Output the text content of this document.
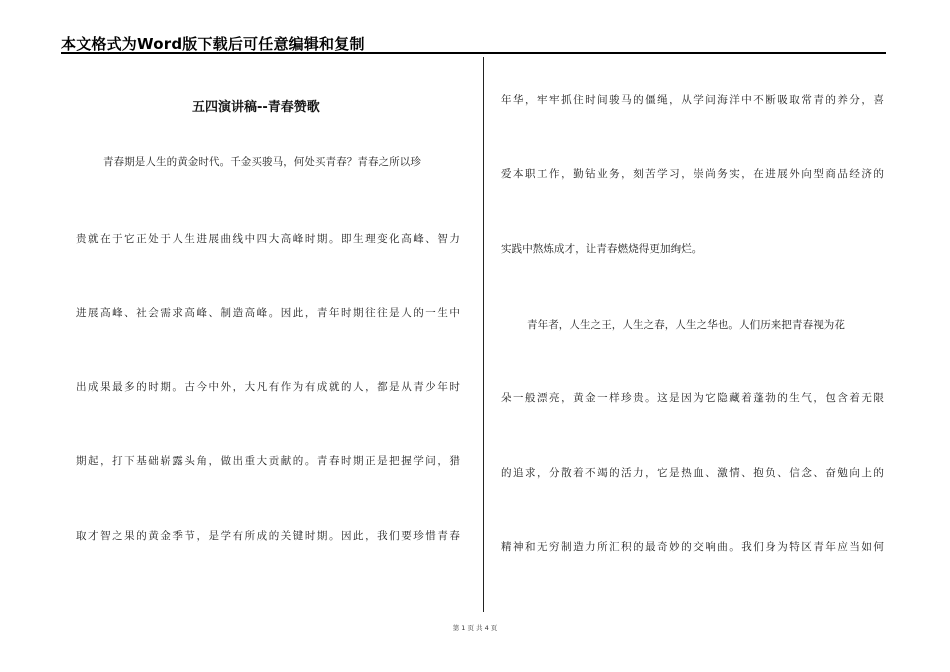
本文格式为Word版下载后可任意编辑和复制
五四演讲稿--青春赞歌
青春期是人生的黄金时代。千金买骏马，何处买青春？青春之所以珍
贵就在于它正处于人生进展曲线中四大高峰时期。即生理变化高峰、智力
进展高峰、社会需求高峰、制造高峰。因此，青年时期往往是人的一生中
出成果最多的时期。古今中外，大凡有作为有成就的人，都是从青少年时
期起，打下基础崭露头角，做出重大贡献的。青春时期正是把握学问，猎
取才智之果的黄金季节，是学有所成的关键时期。因此，我们要珍惜青春
年华，牢牢抓住时间骏马的僵绳，从学问海洋中不断吸取常青的养分，喜
爱本职工作，勤钻业务，刻苦学习，崇尚务实，在进展外向型商品经济的
实践中熬炼成才，让青春燃烧得更加绚烂。
青年者，人生之王，人生之春，人生之华也。人们历来把青春视为花
朵一般漂亮，黄金一样珍贵。这是因为它隐藏着蓬勃的生气，包含着无限
的追求，分散着不竭的活力，它是热血、激情、抱负、信念、奋勉向上的
精神和无穷制造力所汇积的最奇妙的交响曲。我们身为特区青年应当如何
第 1 页 共 4 页
